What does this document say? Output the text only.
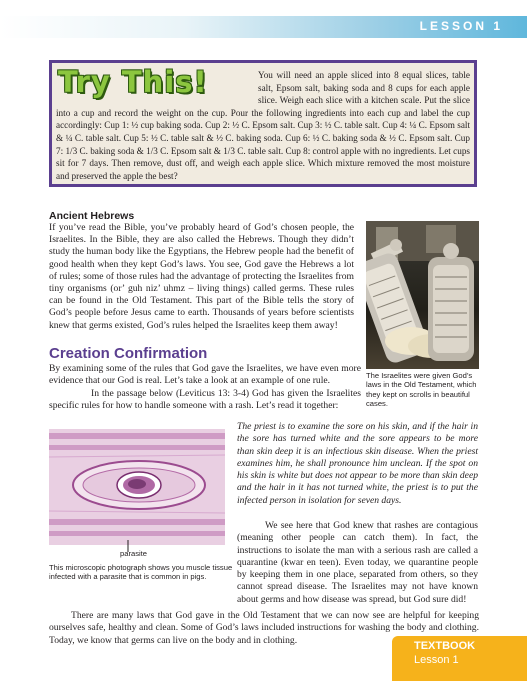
LESSON 1
You will need an apple sliced into 8 equal slices, table salt, Epsom salt, baking soda and 8 cups for each apple slice. Weigh each slice with a kitchen scale. Put the slice into a cup and record the weight on the cup. Pour the following ingredients into each cup and label the cup accordingly: Cup 1: ½ cup baking soda. Cup 2: ½ C. Epsom salt. Cup 3: ½ C. table salt. Cup 4: ¼ C. Epsom salt & ¼ C. table salt. Cup 5: ½ C. table salt & ½ C. baking soda. Cup 6: ½ C. baking soda & ½ C. Epsom salt. Cup 7: 1/3 C. baking soda & 1/3 C. Epsom salt & 1/3 C. table salt. Cup 8: control apple with no ingredients. Let cups sit for 7 days. Then remove, dust off, and weigh each apple slice. Which mixture removed the most moisture and preserved the apple the best?
Try This!
Ancient Hebrews
If you’ve read the Bible, you’ve probably heard of God’s chosen people, the Israelites. In the Bible, they are also called the Hebrews. Though they didn’t study the human body like the Egyptians, the Hebrew people had the benefit of good health when they kept God’s laws. You see, God gave the Hebrews a lot of rules; some of those rules had the advantage of protecting the Israelites from tiny organisms (or’ guh niz’ uhmz – living things) called germs. These rules can be found in the Old Testament. This part of the Bible tells the story of God’s people before Jesus came to earth. Thousands of years before scientists knew that germs existed, God’s rules helped the Israelites keep them away!
The Israelites were given God’s laws in the Old Testament, which they kept on scrolls in beautiful cases.
Creation Confirmation

By examining some of the rules that God gave the Israelites, we have even more evidence that our God is real. Let’s take a look at an example of one rule.

In the passage below (Leviticus 13: 3-4) God has given the Israelites specific rules for how to handle someone with a rash. Let’s read it together:

parasite
This microscopic photograph shows you muscle tissue infected with a parasite that is common in pigs.
The priest is to examine the sore on his skin, and if the hair in the sore has turned white and the sore appears to be more than skin deep it is an infectious skin disease. When the priest examines him, he shall pronounce him unclean. If the spot on his skin is white but does not appear to be more than skin deep and the hair in it has not turned white, the priest is to put the infected person in isolation for seven days.
We see here that God knew that rashes are contagious (meaning other people can catch them). In fact, the instructions to isolate the man with a serious rash are called a quarantine (kwar en teen). Even today, we quarantine people by keeping them in one place, separated from others, so they cannot spread disease. The Israelites may not have known about germs and how disease was spread, but God sure did!
There are many laws that God gave in the Old Testament that we can now see are helpful for keeping ourselves safe, healthy and clean. Some of God’s laws included instructions for washing the body and clothing. Today, we know that germs can live on the body and in clothing.	TEXTBOOK
Lesson 1
